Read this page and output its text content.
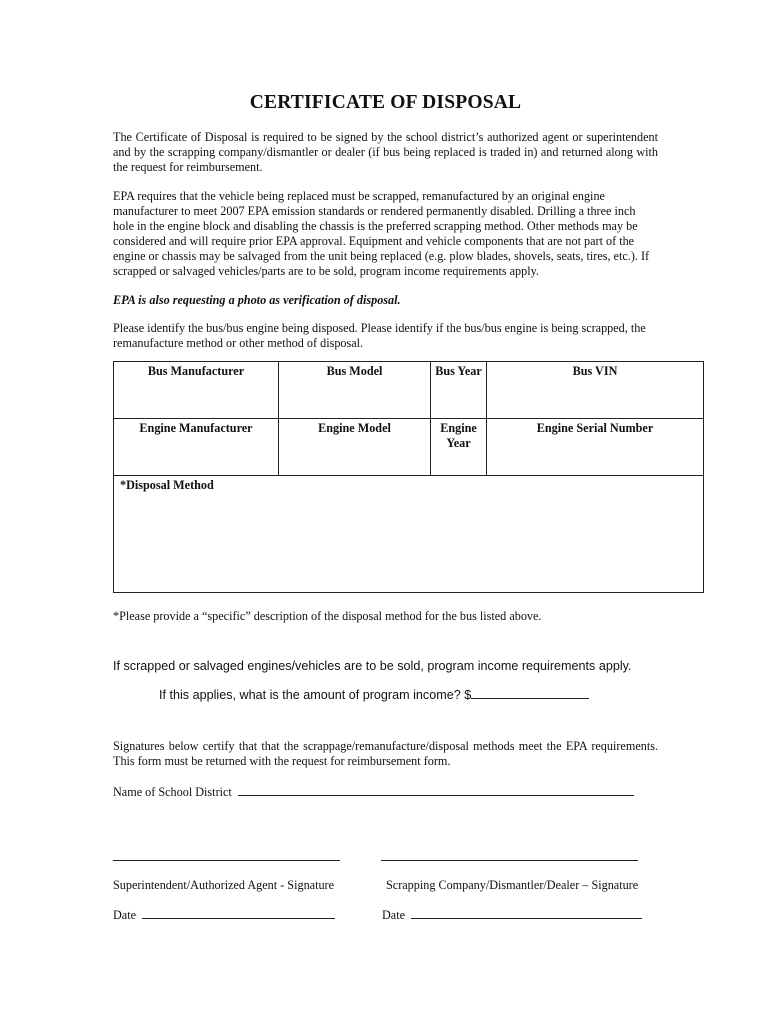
CERTIFICATE OF DISPOSAL

The Certificate of Disposal is required to be signed by the school district’s authorized agent or superintendent and by the scrapping company/dismantler or dealer (if bus being replaced is traded in) and returned along with the request for reimbursement.

EPA requires that the vehicle being replaced must be scrapped, remanufactured by an original engine manufacturer to meet 2007 EPA emission standards or rendered permanently disabled. Drilling a three inch hole in the engine block and disabling the chassis is the preferred scrapping method. Other methods may be considered and will require prior EPA approval. Equipment and vehicle components that are not part of the engine or chassis may be salvaged from the unit being replaced (e.g. plow blades, shovels, seats, tires, etc.). If scrapped or salvaged vehicles/parts are to be sold, program income requirements apply.

EPA is also requesting a photo as verification of disposal.

Please identify the bus/bus engine being disposed. Please identify if the bus/bus engine is being scrapped, the remanufacture method or other method of disposal.

Bus Manufacturer	Bus Model	Bus Year	Bus VIN
Engine Manufacturer	Engine Model	Engine Year	Engine Serial Number
*Disposal Method			

*Please provide a “specific” description of the disposal method for the bus listed above.

If scrapped or salvaged engines/vehicles are to be sold, program income requirements apply.

If this applies, what is the amount of program income? $

Signatures below certify that that the scrappage/remanufacture/disposal methods meet the EPA requirements. This form must be returned with the request for reimbursement form.

Name of School District

Superintendent/Authorized Agent - Signature	Scrapping Company/Dismantler/Dealer – Signature
Date	Date
